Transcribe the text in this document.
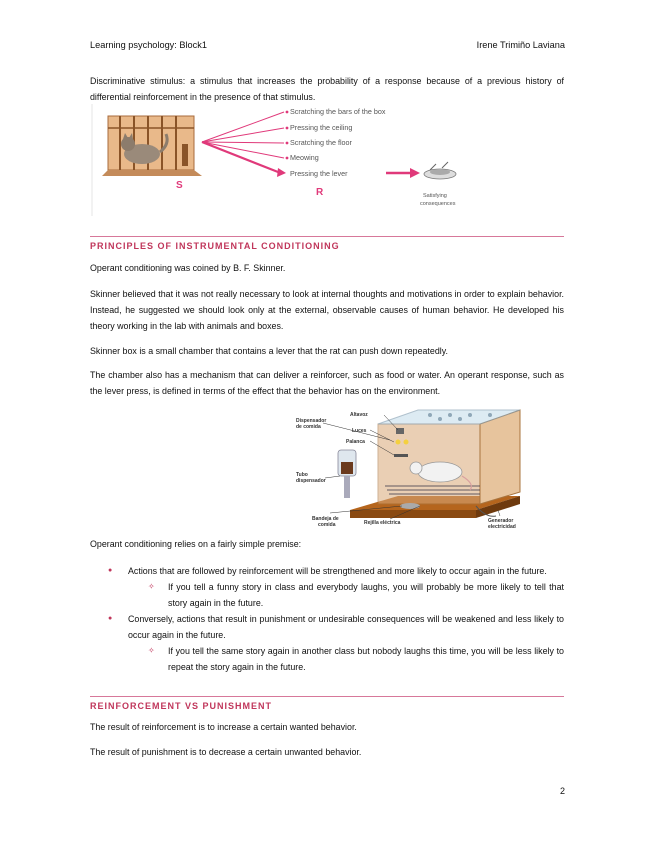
Learning psychology: Block1	Irene Trimiño Laviana
Discriminative stimulus: a stimulus that increases the probability of a response because of a previous history of differential reinforcement in the presence of that stimulus.
S
Scratching the bars of the box
Pressing the ceiling
Scratching the floor
Meowing
Pressing the lever
R	Satisfying
consequences
PRINCIPLES OF INSTRUMENTAL CONDITIONING
Operant conditioning was coined by B. F. Skinner.
Skinner believed that it was not really necessary to look at internal thoughts and motivations in order to explain behavior. Instead, he suggested we should look only at the external, observable causes of human behavior. He developed his theory working in the lab with animals and boxes.
Skinner box is a small chamber that contains a lever that the rat can push down repeatedly.
The chamber also has a mechanism that can deliver a reinforcer, such as food or water. An operant response, such as the lever press, is defined in terms of the effect that the behavior has on the environment.
Altavoz
Dispensador
de comida
Luces
Palanca
Tubo
dispensador
Bandeja de
comida	Rejilla eléctrica	Generador
electricidad
Operant conditioning relies on a fairly simple premise:
● Actions that are followed by reinforcement will be strengthened and more likely to occur again in the future.
✧ If you tell a funny story in class and everybody laughs, you will probably be more likely to tell that story again in the future.
● Conversely, actions that result in punishment or undesirable consequences will be weakened and less likely to occur again in the future.
✧ If you tell the same story again in another class but nobody laughs this time, you will be less likely to repeat the story again in the future.
REINFORCEMENT VS PUNISHMENT
The result of reinforcement is to increase a certain wanted behavior.
The result of punishment is to decrease a certain unwanted behavior.
2
